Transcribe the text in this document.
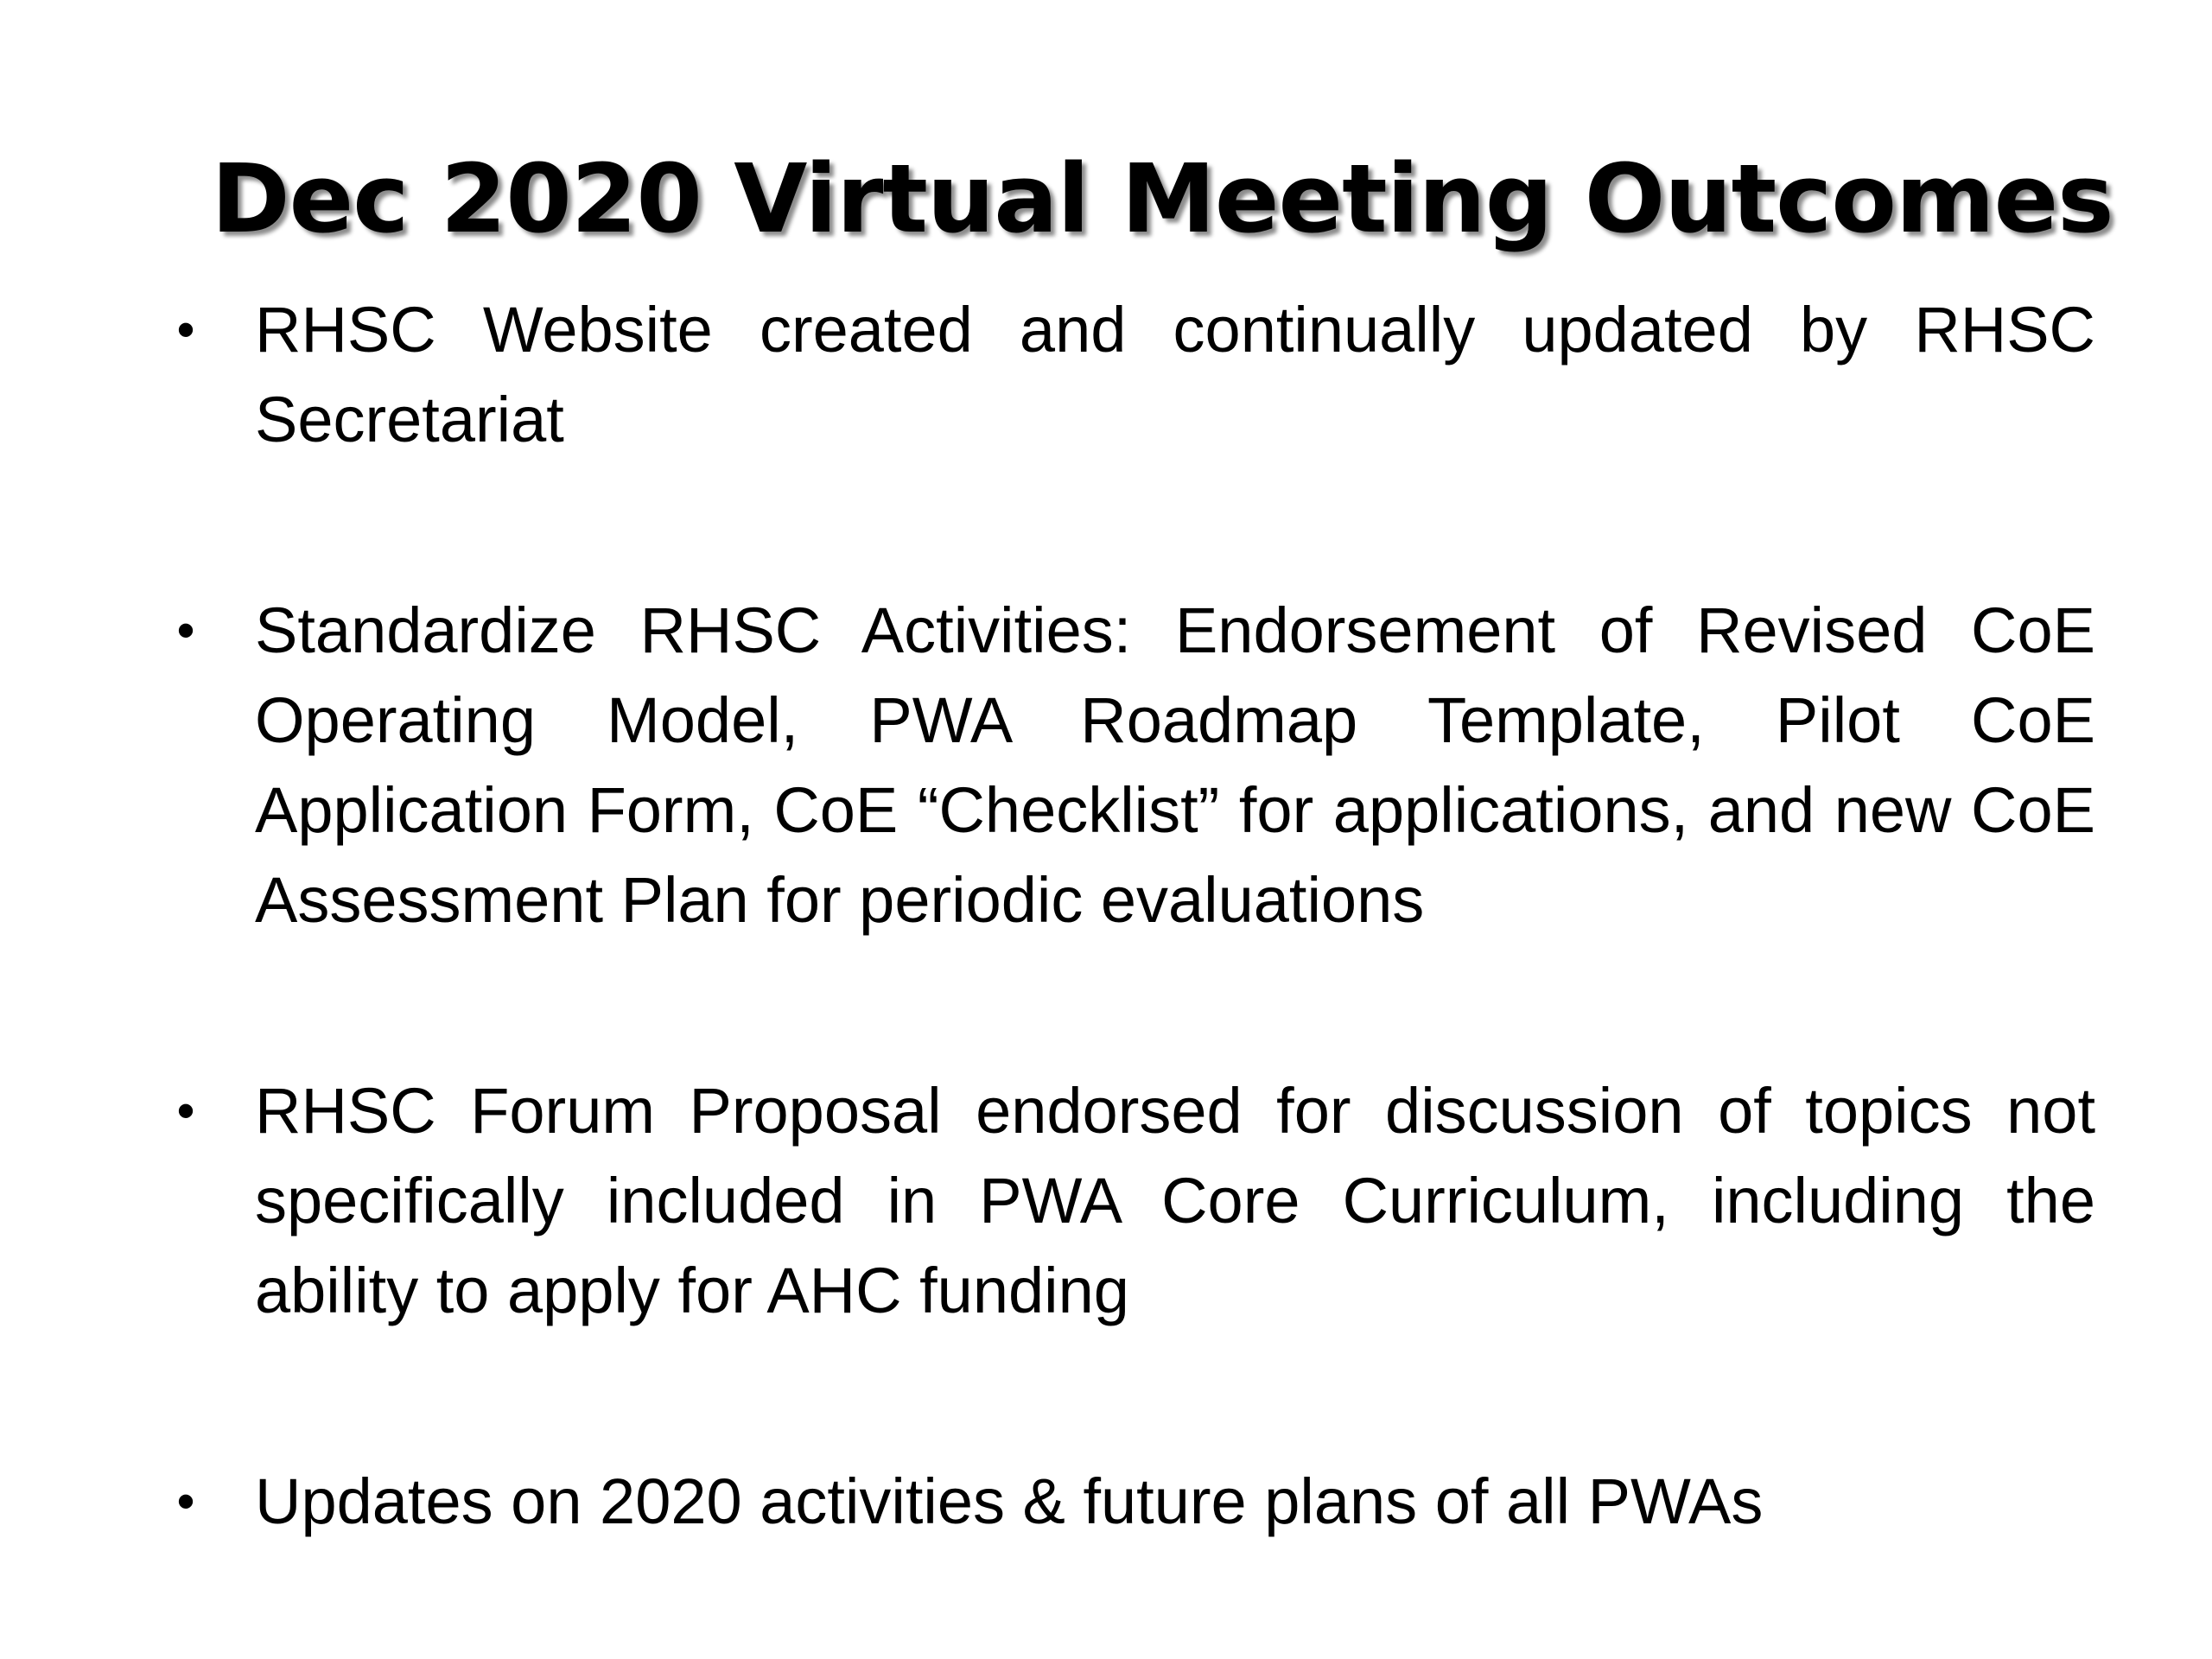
Dec 2020 Virtual Meeting Outcomes
• RHSC Website created and continually updated by RHSC Secretariat
• Standardize RHSC Activities: Endorsement of Revised CoE Operating Model, PWA Roadmap Template, Pilot CoE Application Form, CoE “Checklist” for applications, and new CoE Assessment Plan for periodic evaluations
• RHSC Forum Proposal endorsed for discussion of topics not specifically included in PWA Core Curriculum, including the ability to apply for AHC funding
• Updates on 2020 activities & future plans of all PWAs
